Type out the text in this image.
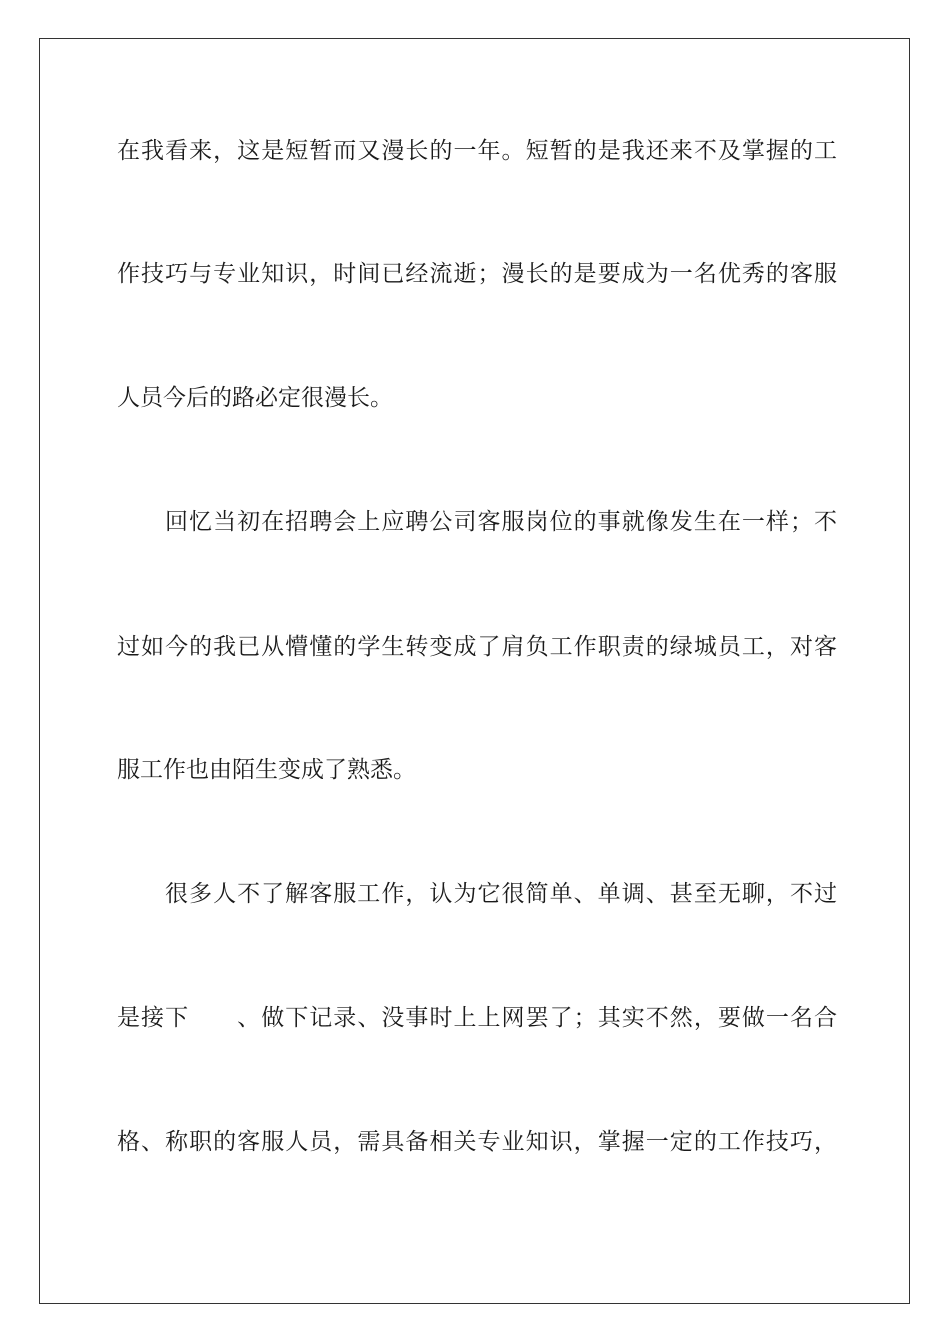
在我看来，这是短暂而又漫长的一年。短暂的是我还来不及掌握的工
作技巧与专业知识，时间已经流逝；漫长的是要成为一名优秀的客服
人员今后的路必定很漫长。
回忆当初在招聘会上应聘公司客服岗位的事就像发生在一样；不
过如今的我已从懵懂的学生转变成了肩负工作职责的绿城员工，对客
服工作也由陌生变成了熟悉。
很多人不了解客服工作，认为它很简单、单调、甚至无聊，不过
是接下　　、做下记录、没事时上上网罢了；其实不然，要做一名合
格、称职的客服人员，需具备相关专业知识，掌握一定的工作技巧，
